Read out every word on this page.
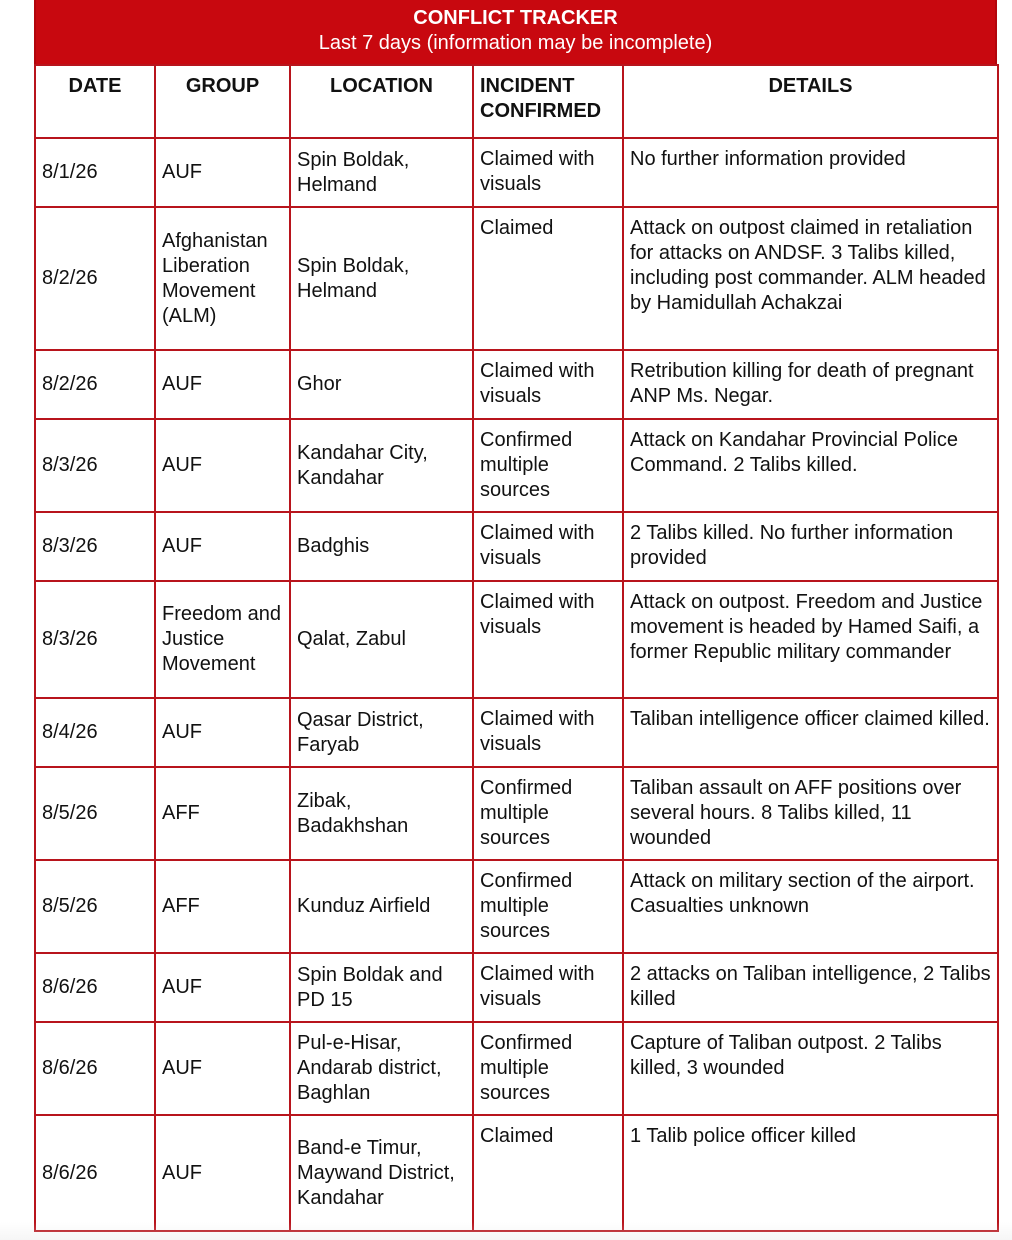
CONFLICT TRACKER
Last 7 days (information may be incomplete)
DATE	GROUP	LOCATION	INCIDENT CONFIRMED	DETAILS
8/1/26	AUF	Spin Boldak, Helmand	Claimed with visuals	No further information provided
8/2/26	Afghanistan Liberation Movement (ALM)	Spin Boldak, Helmand	Claimed	Attack on outpost claimed in retaliation for attacks on ANDSF. 3 Talibs killed, including post commander. ALM headed by Hamidullah Achakzai
8/2/26	AUF	Ghor	Claimed with visuals	Retribution killing for death of pregnant ANP Ms. Negar.
8/3/26	AUF	Kandahar City, Kandahar	Confirmed multiple sources	Attack on Kandahar Provincial Police Command. 2 Talibs killed.
8/3/26	AUF	Badghis	Claimed with visuals	2 Talibs killed. No further information provided
8/3/26	Freedom and Justice Movement	Qalat, Zabul	Claimed with visuals	Attack on outpost. Freedom and Justice movement is headed by Hamed Saifi, a former Republic military commander
8/4/26	AUF	Qasar District, Faryab	Claimed with visuals	Taliban intelligence officer claimed killed.
8/5/26	AFF	Zibak, Badakhshan	Confirmed multiple sources	Taliban assault on AFF positions over several hours. 8 Talibs killed, 11 wounded
8/5/26	AFF	Kunduz Airfield	Confirmed multiple sources	Attack on military section of the airport. Casualties unknown
8/6/26	AUF	Spin Boldak and PD 15	Claimed with visuals	2 attacks on Taliban intelligence, 2 Talibs killed
8/6/26	AUF	Pul-e-Hisar, Andarab district, Baghlan	Confirmed multiple sources	Capture of Taliban outpost. 2 Talibs killed, 3 wounded
8/6/26	AUF	Band-e Timur, Maywand District, Kandahar	Claimed	1 Talib police officer killed
